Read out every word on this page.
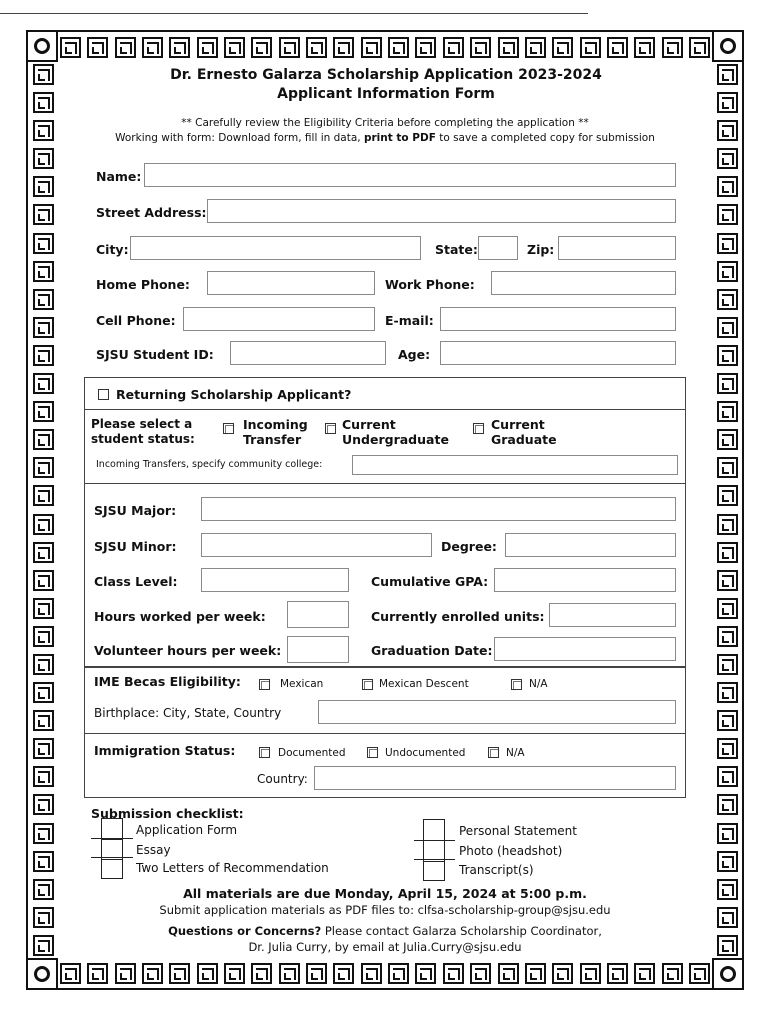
Dr. Ernesto Galarza Scholarship Application 2023-2024
Applicant Information Form
** Carefully review the Eligibility Criteria before completing the application **
Working with form: Download form, fill in data, print to PDF to save a completed copy for submission
Name:
Street Address:
City:	State:	Zip:
Home Phone:	Work Phone:
Cell Phone:	E-mail:
SJSU Student ID:	Age:
Returning Scholarship Applicant?
Please select a
student status:
Incoming
Transfer
Current
Undergraduate
Current
Graduate
Incoming Transfers, specify community college:
SJSU Major:
SJSU Minor:	Degree:
Class Level:	Cumulative GPA:
Hours worked per week:	Currently enrolled units:
Volunteer hours per week:	Graduation Date:
IME Becas Eligibility:	Mexican	Mexican Descent	N/A
Birthplace: City, State, Country
Immigration Status:	Documented	Undocumented	N/A
Country:
Submission checklist:
Application Form
Essay
Two Letters of Recommendation
Personal Statement
Photo (headshot)
Transcript(s)
All materials are due Monday, April 15, 2024 at 5:00 p.m.
Submit application materials as PDF files to: clfsa-scholarship-group@sjsu.edu
Questions or Concerns? Please contact Galarza Scholarship Coordinator,
Dr. Julia Curry, by email at Julia.Curry@sjsu.edu
